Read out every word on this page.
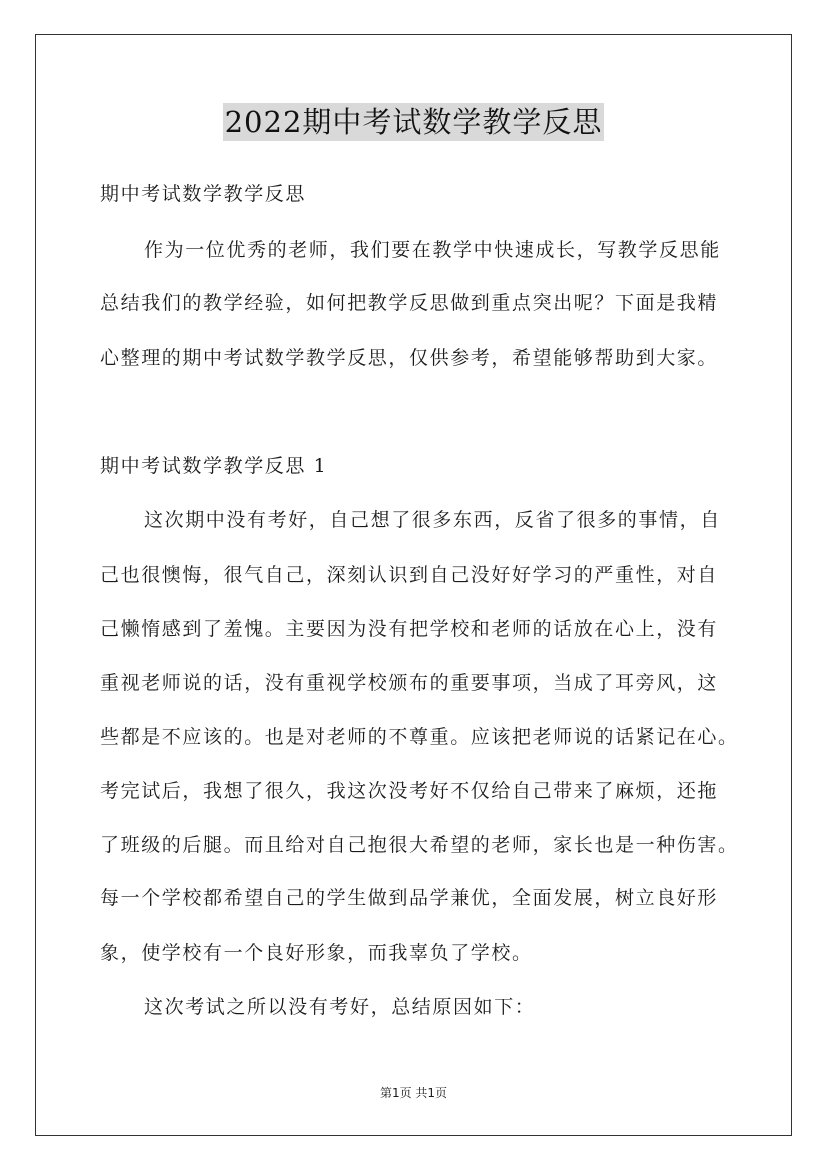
2022期中考试数学教学反思
期中考试数学教学反思
作为一位优秀的老师，我们要在教学中快速成长，写教学反思能
总结我们的教学经验，如何把教学反思做到重点突出呢？下面是我精
心整理的期中考试数学教学反思，仅供参考，希望能够帮助到大家。
期中考试数学教学反思 1
这次期中没有考好，自己想了很多东西，反省了很多的事情，自
己也很懊悔，很气自己，深刻认识到自己没好好学习的严重性，对自
己懒惰感到了羞愧。主要因为没有把学校和老师的话放在心上，没有
重视老师说的话，没有重视学校颁布的重要事项，当成了耳旁风，这
些都是不应该的。也是对老师的不尊重。应该把老师说的话紧记在心。
考完试后，我想了很久，我这次没考好不仅给自己带来了麻烦，还拖
了班级的后腿。而且给对自己抱很大希望的老师，家长也是一种伤害。
每一个学校都希望自己的学生做到品学兼优，全面发展，树立良好形
象，使学校有一个良好形象，而我辜负了学校。
这次考试之所以没有考好，总结原因如下：
第1页 共1页
